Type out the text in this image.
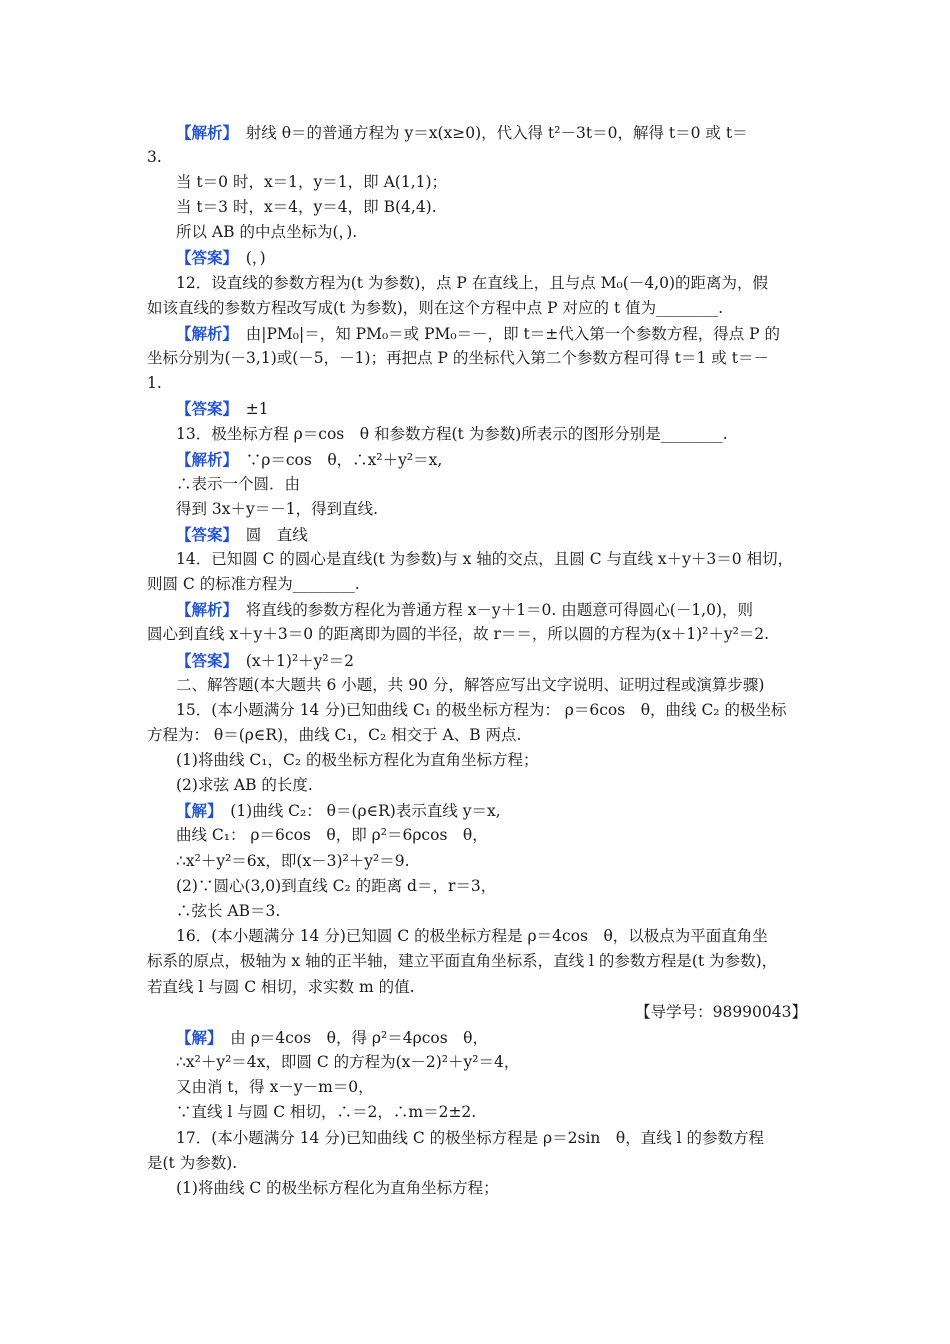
【解析】　射线 θ＝的普通方程为 y＝x(x≥0)，代入得 t²－3t＝0，解得 t＝0 或 t＝
3.
当 t＝0 时，x＝1，y＝1，即 A(1,1)；
当 t＝3 时，x＝4，y＝4，即 B(4,4).
所以 AB 的中点坐标为(，).
【答案】　(，)
12．设直线的参数方程为(t 为参数)，点 P 在直线上，且与点 M₀(－4,0)的距离为，假
如该直线的参数方程改写成(t 为参数)，则在这个方程中点 P 对应的 t 值为________.
【解析】　由|PM₀|＝，知 PM₀＝或 PM₀＝－，即 t＝±代入第一个参数方程，得点 P 的
坐标分别为(－3,1)或(－5，－1)；再把点 P 的坐标代入第二个参数方程可得 t＝1 或 t＝－
1.
【答案】　±1
13．极坐标方程 ρ＝cos　θ 和参数方程(t 为参数)所表示的图形分别是________.
【解析】　∵ρ＝cos　θ，∴x²＋y²＝x,
∴表示一个圆．由
得到 3x＋y＝－1，得到直线.
【答案】　圆　直线
14．已知圆 C 的圆心是直线(t 为参数)与 x 轴的交点，且圆 C 与直线 x＋y＋3＝0 相切，
则圆 C 的标准方程为________.
【解析】　将直线的参数方程化为普通方程 x－y＋1＝0. 由题意可得圆心(－1,0)，则
圆心到直线 x＋y＋3＝0 的距离即为圆的半径，故 r＝＝，所以圆的方程为(x＋1)²＋y²＝2.
【答案】　(x＋1)²＋y²＝2
二、解答题(本大题共 6 小题，共 90 分，解答应写出文字说明、证明过程或演算步骤)
15．(本小题满分 14 分)已知曲线 C₁ 的极坐标方程为： ρ＝6cos　θ，曲线 C₂ 的极坐标
方程为： θ＝(ρ∈R)，曲线 C₁，C₂ 相交于 A、B 两点.
(1)将曲线 C₁，C₂ 的极坐标方程化为直角坐标方程；
(2)求弦 AB 的长度.
【解】　(1)曲线 C₂： θ＝(ρ∈R)表示直线 y＝x,
曲线 C₁： ρ＝6cos　θ，即 ρ²＝6ρcos　θ，
∴x²＋y²＝6x，即(x－3)²＋y²＝9.
(2)∵圆心(3,0)到直线 C₂ 的距离 d＝，r＝3，
∴弦长 AB＝3.
16．(本小题满分 14 分)已知圆 C 的极坐标方程是 ρ＝4cos　θ，以极点为平面直角坐
标系的原点，极轴为 x 轴的正半轴，建立平面直角坐标系，直线 l 的参数方程是(t 为参数)，
若直线 l 与圆 C 相切，求实数 m 的值.
【导学号：98990043】
【解】　由 ρ＝4cos　θ，得 ρ²＝4ρcos　θ，
∴x²＋y²＝4x，即圆 C 的方程为(x－2)²＋y²＝4，
又由消 t，得 x－y－m＝0，
∵直线 l 与圆 C 相切，∴＝2，∴m＝2±2.
17．(本小题满分 14 分)已知曲线 C 的极坐标方程是 ρ＝2sin　θ，直线 l 的参数方程
是(t 为参数).
(1)将曲线 C 的极坐标方程化为直角坐标方程；
